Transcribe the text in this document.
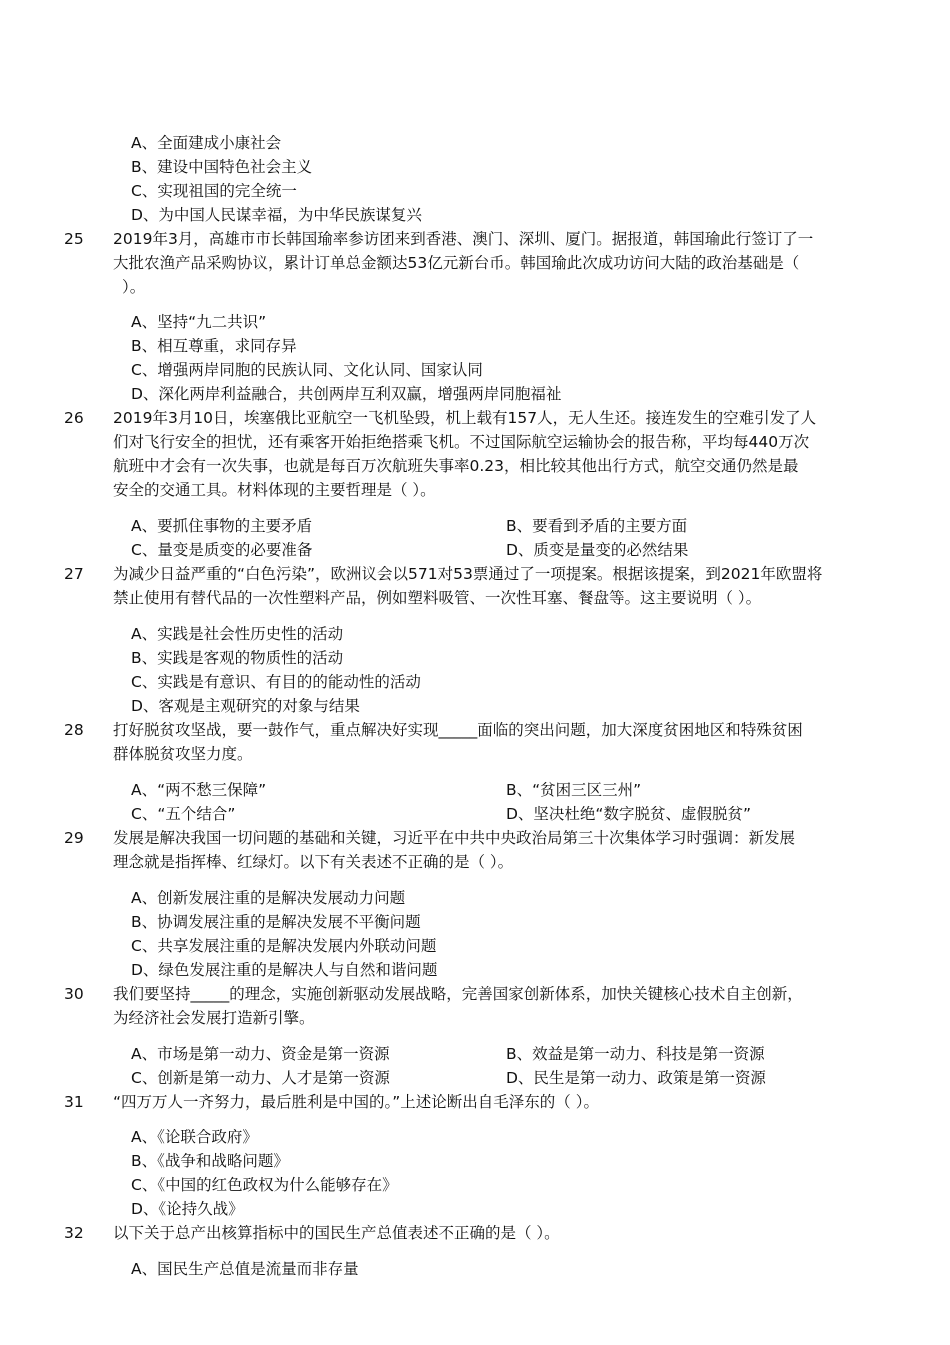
A、全面建成小康社会
B、建设中国特色社会主义
C、实现祖国的完全统一
D、为中国人民谋幸福，为中华民族谋复兴
25 2019年3月，高雄市市长韩国瑜率参访团来到香港、澳门、深圳、厦门。据报道，韩国瑜此行签订了一
大批农渔产品采购协议，累计订单总金额达53亿元新台币。韩国瑜此次成功访问大陆的政治基础是（
）。
A、坚持“九二共识”
B、相互尊重，求同存异
C、增强两岸同胞的民族认同、文化认同、国家认同
D、深化两岸利益融合，共创两岸互利双赢，增强两岸同胞福祉
26 2019年3月10日，埃塞俄比亚航空一飞机坠毁，机上载有157人，无人生还。接连发生的空难引发了人
们对飞行安全的担忧，还有乘客开始拒绝搭乘飞机。不过国际航空运输协会的报告称，平均每440万次
航班中才会有一次失事，也就是每百万次航班失事率0.23，相比较其他出行方式，航空交通仍然是最
安全的交通工具。材料体现的主要哲理是（ ）。
A、要抓住事物的主要矛盾	B、要看到矛盾的主要方面
C、量变是质变的必要准备	D、质变是量变的必然结果
27 为减少日益严重的“白色污染”，欧洲议会以571对53票通过了一项提案。根据该提案，到2021年欧盟将
禁止使用有替代品的一次性塑料产品，例如塑料吸管、一次性耳塞、餐盘等。这主要说明（ ）。
A、实践是社会性历史性的活动
B、实践是客观的物质性的活动
C、实践是有意识、有目的的能动性的活动
D、客观是主观研究的对象与结果
28 打好脱贫攻坚战，要一鼓作气，重点解决好实现_____面临的突出问题，加大深度贫困地区和特殊贫困
群体脱贫攻坚力度。
A、“两不愁三保障”	B、“贫困三区三州”
C、“五个结合”	D、坚决杜绝“数字脱贫、虚假脱贫”
29 发展是解决我国一切问题的基础和关键，习近平在中共中央政治局第三十次集体学习时强调：新发展
理念就是指挥棒、红绿灯。以下有关表述不正确的是（ ）。
A、创新发展注重的是解决发展动力问题
B、协调发展注重的是解决发展不平衡问题
C、共享发展注重的是解决发展内外联动问题
D、绿色发展注重的是解决人与自然和谐问题
30 我们要坚持_____的理念，实施创新驱动发展战略，完善国家创新体系，加快关键核心技术自主创新，
为经济社会发展打造新引擎。
A、市场是第一动力、资金是第一资源	B、效益是第一动力、科技是第一资源
C、创新是第一动力、人才是第一资源	D、民生是第一动力、政策是第一资源
31 “四万万人一齐努力，最后胜利是中国的。”上述论断出自毛泽东的（ ）。
A、《论联合政府》
B、《战争和战略问题》
C、《中国的红色政权为什么能够存在》
D、《论持久战》
32 以下关于总产出核算指标中的国民生产总值表述不正确的是（ ）。
A、国民生产总值是流量而非存量
